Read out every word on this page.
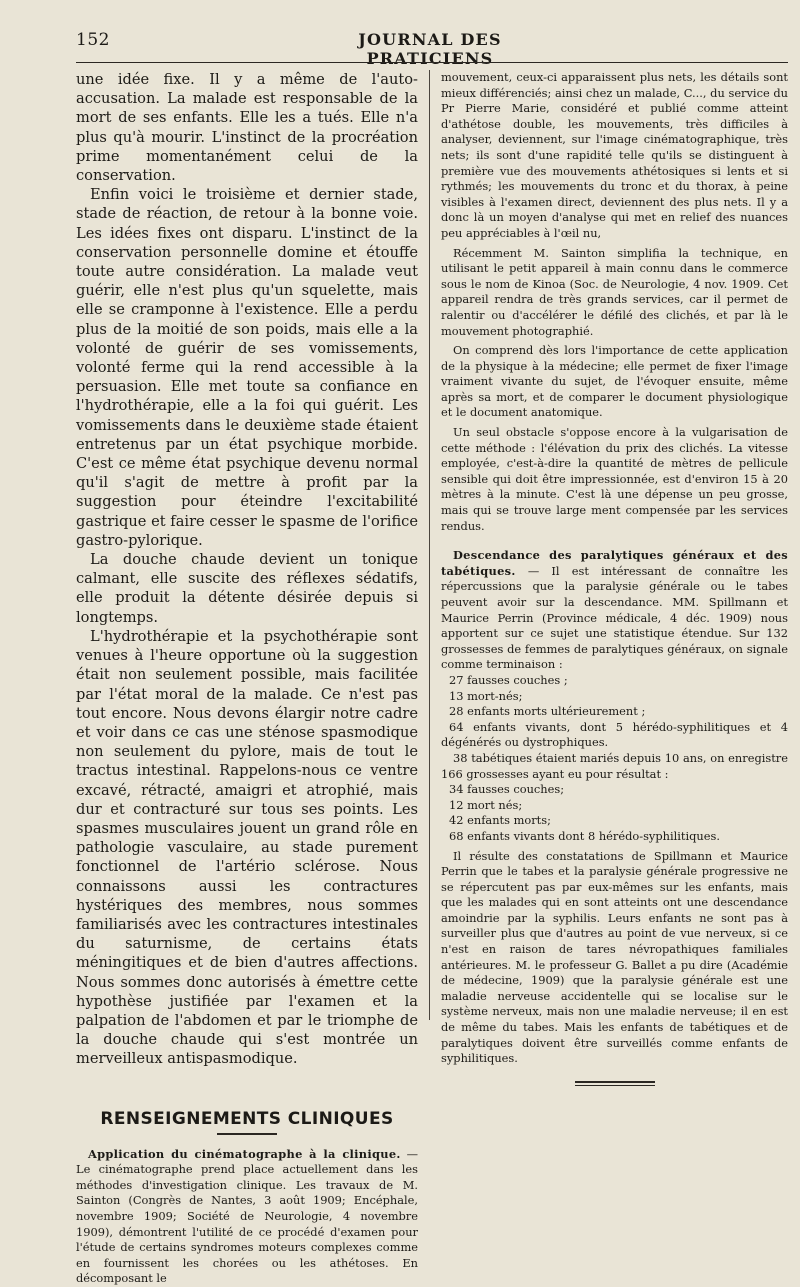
152	JOURNAL DES PRATICIENS

une idée fixe. Il y a même de l'auto-accusation. La malade est responsable de la mort de ses enfants. Elle les a tués. Elle n'a plus qu'à mourir. L'instinct de la procréation prime momentanément celui de la conservation.

Enfin voici le troisième et dernier stade, stade de réaction, de retour à la bonne voie. Les idées fixes ont disparu. L'instinct de la conservation personnelle domine et étouffe toute autre considération. La malade veut guérir, elle n'est plus qu'un squelette, mais elle se cramponne à l'existence. Elle a perdu plus de la moitié de son poids, mais elle a la volonté de guérir de ses vomissements, volonté ferme qui la rend accessible à la persuasion. Elle met toute sa confiance en l'hydrothérapie, elle a la foi qui guérit. Les vomissements dans le deuxième stade étaient entretenus par un état psychique morbide. C'est ce même état psychique devenu normal qu'il s'agit de mettre à profit par la suggestion pour éteindre l'excitabilité gastrique et faire cesser le spasme de l'orifice gastro-pylorique.

La douche chaude devient un tonique calmant, elle suscite des réflexes sédatifs, elle produit la détente désirée depuis si longtemps.

L'hydrothérapie et la psychothérapie sont venues à l'heure opportune où la suggestion était non seulement possible, mais facilitée par l'état moral de la malade. Ce n'est pas tout encore. Nous devons élargir notre cadre et voir dans ce cas une sténose spasmodique non seulement du pylore, mais de tout le tractus intestinal. Rappelons-nous ce ventre excavé, rétracté, amaigri et atrophié, mais dur et contracturé sur tous ses points. Les spasmes musculaires jouent un grand rôle en pathologie vasculaire, au stade purement fonctionnel de l'artério sclérose. Nous connaissons aussi les contractures hystériques des membres, nous sommes familiarisés avec les contractures intestinales du saturnisme, de certains états méningitiques et de bien d'autres affections. Nous sommes donc autorisés à émettre cette hypothèse justifiée par l'examen et la palpation de l'abdomen et par le triomphe de la douche chaude qui s'est montrée un merveilleux antispasmodique.

RENSEIGNEMENTS CLINIQUES

Application du cinématographe à la clinique. — Le cinématographe prend place actuellement dans les méthodes d'investigation clinique. Les travaux de M. Sainton (Congrès de Nantes, 3 août 1909; Encéphale, novembre 1909; Société de Neurologie, 4 novembre 1909), démontrent l'utilité de ce procédé d'examen pour l'étude de certains syndromes moteurs complexes comme en fournissent les chorées ou les athétoses. En décomposant le

mouvement, ceux-ci apparaissent plus nets, les détails sont mieux différenciés; ainsi chez un malade, C..., du service du Pr Pierre Marie, considéré et publié comme atteint d'athétose double, les mouvements, très difficiles à analyser, deviennent, sur l'image cinématographique, très nets; ils sont d'une rapidité telle qu'ils se distinguent à première vue des mouvements athétosiques si lents et si rythmés; les mouvements du tronc et du thorax, à peine visibles à l'examen direct, deviennent des plus nets. Il y a donc là un moyen d'analyse qui met en relief des nuances peu appréciables à l'œil nu,

Récemment M. Sainton simplifia la technique, en utilisant le petit appareil à main connu dans le commerce sous le nom de Kinoa (Soc. de Neurologie, 4 nov. 1909. Cet appareil rendra de très grands services, car il permet de ralentir ou d'accélérer le défilé des clichés, et par là le mouvement photographié.

On comprend dès lors l'importance de cette application de la physique à la médecine; elle permet de fixer l'image vraiment vivante du sujet, de l'évoquer ensuite, même après sa mort, et de comparer le document physiologique et le document anatomique.

Un seul obstacle s'oppose encore à la vulgarisation de cette méthode : l'élévation du prix des clichés. La vitesse employée, c'est-à-dire la quantité de mètres de pellicule sensible qui doit être impressionnée, est d'environ 15 à 20 mètres à la minute. C'est là une dépense un peu grosse, mais qui se trouve large ment compensée par les services rendus.

Descendance des paralytiques généraux et des tabétiques. — Il est intéressant de connaître les répercussions que la paralysie générale ou le tabes peuvent avoir sur la descendance. MM. Spillmann et Maurice Perrin (Province médicale, 4 déc. 1909) nous apportent sur ce sujet une statistique étendue. Sur 132 grossesses de femmes de paralytiques généraux, on signale comme terminaison :

27 fausses couches ;

13 mort-nés;

28 enfants morts ultérieurement ;

64 enfants vivants, dont 5 hérédo-syphilitiques et 4 dégénérés ou dystrophiques.

38 tabétiques étaient mariés depuis 10 ans, on enregistre 166 grossesses ayant eu pour résultat :

34 fausses couches;

12 mort nés;

42 enfants morts;

68 enfants vivants dont 8 hérédo-syphilitiques.

Il résulte des constatations de Spillmann et Maurice Perrin que le tabes et la paralysie générale progressive ne se répercutent pas par eux-mêmes sur les enfants, mais que les malades qui en sont atteints ont une descendance amoindrie par la syphilis. Leurs enfants ne sont pas à surveiller plus que d'autres au point de vue nerveux, si ce n'est en raison de tares névropathiques familiales antérieures. M. le professeur G. Ballet a pu dire (Académie de médecine, 1909) que la paralysie générale est une maladie nerveuse accidentelle qui se localise sur le système nerveux, mais non une maladie nerveuse; il en est de même du tabes. Mais les enfants de tabétiques et de paralytiques doivent être surveillés comme enfants de syphilitiques.
